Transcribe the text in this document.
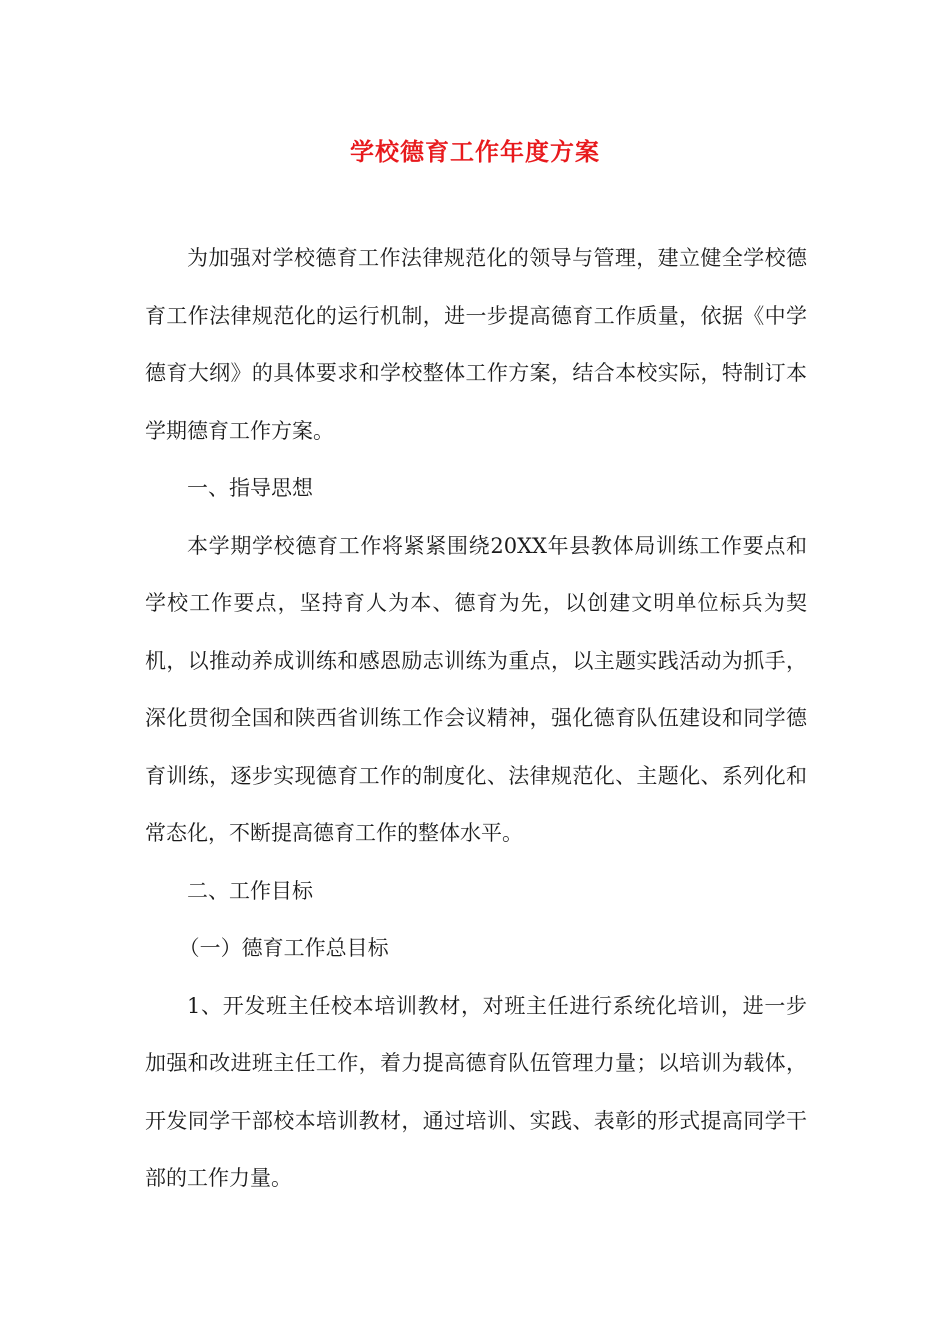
学校德育工作年度方案

为加强对学校德育工作法律规范化的领导与管理，建立健全学校德育工作法律规范化的运行机制，进一步提高德育工作质量，依据《中学德育大纲》的具体要求和学校整体工作方案，结合本校实际，特制订本学期德育工作方案。

一、指导思想

本学期学校德育工作将紧紧围绕20XX年县教体局训练工作要点和学校工作要点，坚持育人为本、德育为先，以创建文明单位标兵为契机，以推动养成训练和感恩励志训练为重点，以主题实践活动为抓手，深化贯彻全国和陕西省训练工作会议精神，强化德育队伍建设和同学德育训练，逐步实现德育工作的制度化、法律规范化、主题化、系列化和常态化，不断提高德育工作的整体水平。

二、工作目标

（一）德育工作总目标

1、开发班主任校本培训教材，对班主任进行系统化培训，进一步加强和改进班主任工作，着力提高德育队伍管理力量；以培训为载体，开发同学干部校本培训教材，通过培训、实践、表彰的形式提高同学干部的工作力量。
